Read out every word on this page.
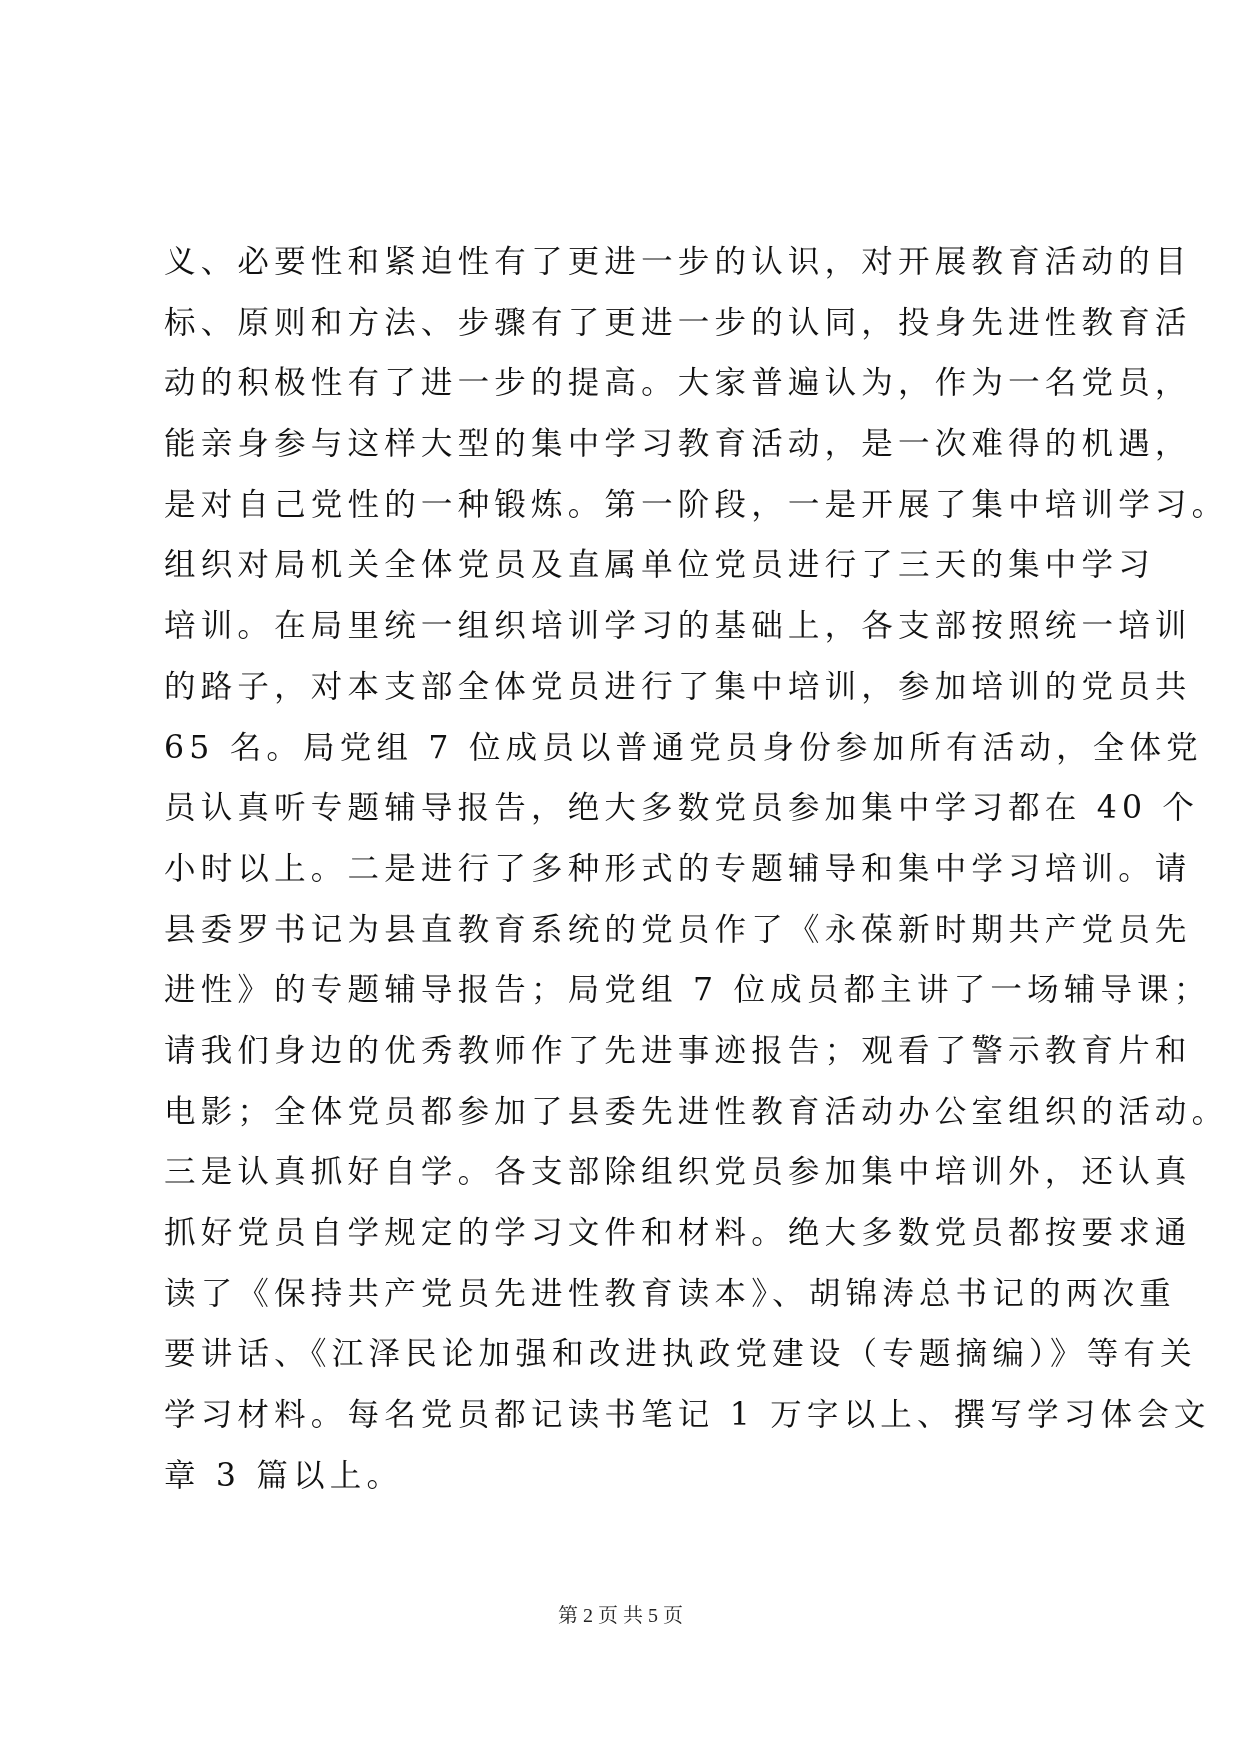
义、必要性和紧迫性有了更进一步的认识，对开展教育活动的目
标、原则和方法、步骤有了更进一步的认同，投身先进性教育活
动的积极性有了进一步的提高。大家普遍认为，作为一名党员，
能亲身参与这样大型的集中学习教育活动，是一次难得的机遇，
是对自己党性的一种锻炼。第一阶段，一是开展了集中培训学习。
组织对局机关全体党员及直属单位党员进行了三天的集中学习
培训。在局里统一组织培训学习的基础上，各支部按照统一培训
的路子，对本支部全体党员进行了集中培训，参加培训的党员共
65 名。局党组 7 位成员以普通党员身份参加所有活动，全体党
员认真听专题辅导报告，绝大多数党员参加集中学习都在 40 个
小时以上。二是进行了多种形式的专题辅导和集中学习培训。请
县委罗书记为县直教育系统的党员作了《永葆新时期共产党员先
进性》的专题辅导报告；局党组 7 位成员都主讲了一场辅导课；
请我们身边的优秀教师作了先进事迹报告；观看了警示教育片和
电影；全体党员都参加了县委先进性教育活动办公室组织的活动。
三是认真抓好自学。各支部除组织党员参加集中培训外，还认真
抓好党员自学规定的学习文件和材料。绝大多数党员都按要求通
读了《保持共产党员先进性教育读本》、胡锦涛总书记的两次重
要讲话、《江泽民论加强和改进执政党建设（专题摘编）》等有关
学习材料。每名党员都记读书笔记 1 万字以上、撰写学习体会文
章 3 篇以上。
第 2 页 共 5 页
